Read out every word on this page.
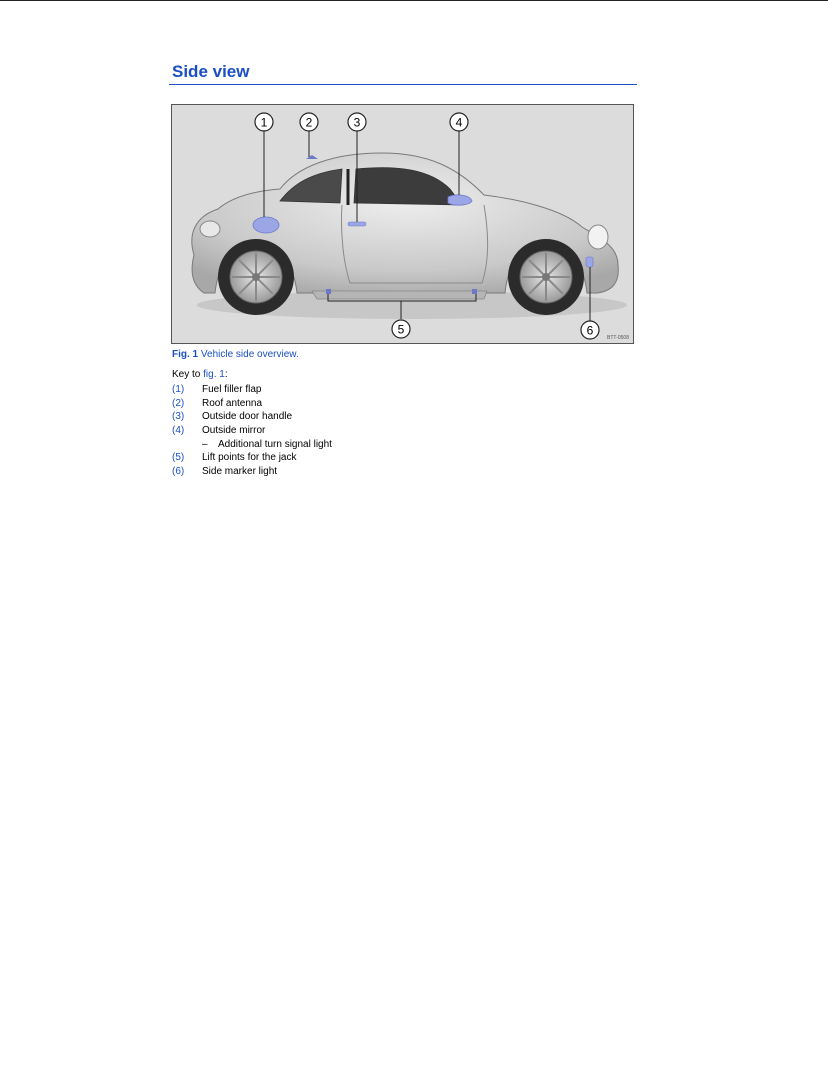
Side view
1	2	3	4
5	6
BTT-0508
Fig. 1 Vehicle side overview.
Key to fig. 1:
(1) Fuel filler flap
(2) Roof antenna
(3) Outside door handle
(4) Outside mirror
– Additional turn signal light
(5) Lift points for the jack
(6) Side marker light
